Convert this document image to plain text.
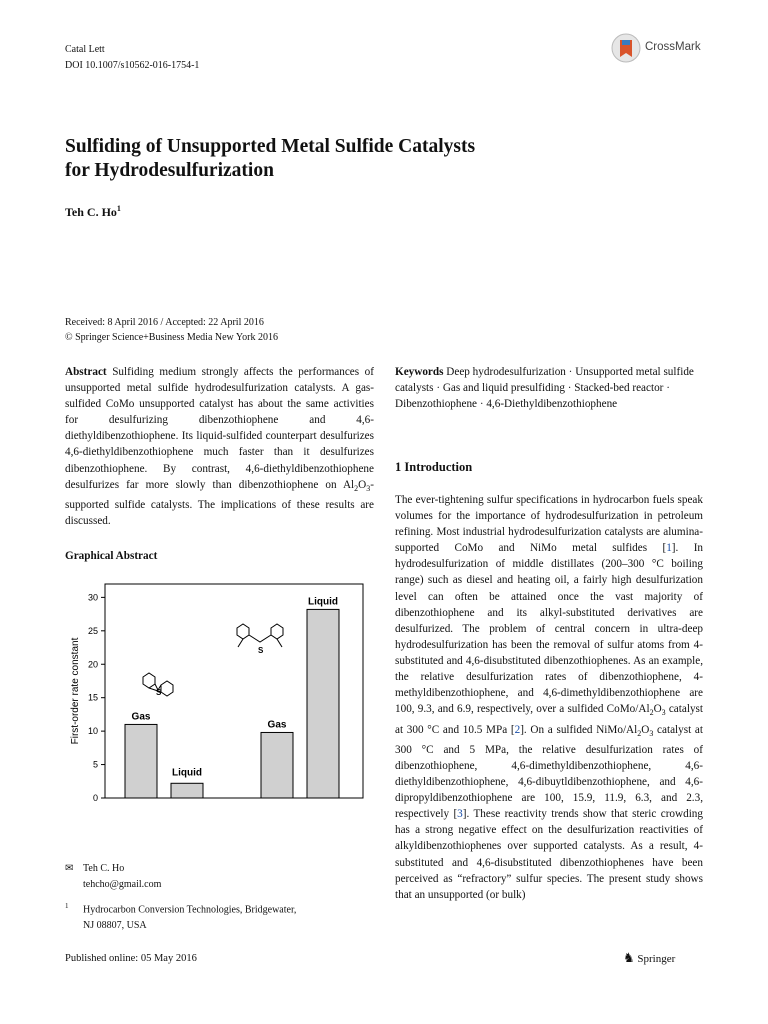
Catal Lett
DOI 10.1007/s10562-016-1754-1
CrossMark
Sulfiding of Unsupported Metal Sulfide Catalysts
for Hydrodesulfurization
Teh C. Ho$^1$
Received: 8 April 2016 / Accepted: 22 April 2016
© Springer Science+Business Media New York 2016
Abstract Sulfiding medium strongly affects the performances of unsupported metal sulfide hydrodesulfurization catalysts. A gas-sulfided CoMo unsupported catalyst has about the same activities for desulfurizing dibenzothiophene and 4,6-diethyldibenzothiophene. Its liquid-sulfided counterpart desulfurizes 4,6-diethyldibenzothiophene much faster than it desulfurizes dibenzothiophene. By contrast, 4,6-diethyldibenzothiophene desulfurizes far more slowly than dibenzothiophene on $Al_2O_3$-supported sulfide catalysts. The implications of these results are discussed.
Graphical Abstract
0
5
10
15
20
25
30
Gas
Liquid
Gas
Liquid
First-order rate constant	S
S
Keywords Deep hydrodesulfurization · Unsupported metal sulfide catalysts · Gas and liquid presulfiding · Stacked-bed reactor · Dibenzothiophene · 4,6-Diethyldibenzothiophene
1 Introduction
The ever-tightening sulfur specifications in hydrocarbon fuels speak volumes for the importance of hydrodesulfurization in petroleum refining. Most industrial hydrodesulfurization catalysts are alumina-supported CoMo and NiMo metal sulfides [1]. In hydrodesulfurization of middle distillates (200–300 °C boiling range) such as diesel and heating oil, a fairly high desulfurization level can often be attained once the vast majority of dibenzothiophene and its alkyl-substituted derivatives are desulfurized. The problem of central concern in ultra-deep hydrodesulfurization has been the removal of sulfur atoms from 4-substituted and 4,6-disubstituted dibenzothiophenes. As an example, the relative desulfurization rates of dibenzothiophene, 4-methyldibenzothiophene, and 4,6-dimethyldibenzothiophene are 100, 9.3, and 6.9, respectively, over a sulfided CoMo/$Al_2O_3$ catalyst at 300 °C and 10.5 MPa [2]. On a sulfided NiMo/$Al_2O_3$ catalyst at 300 °C and 5 MPa, the relative desulfurization rates of dibenzothiophene, 4,6-dimethyldibenzothiophene, 4,6-diethyldibenzothiophene, 4,6-dibuytldibenzothiophene, and 4,6-dipropyldibenzothiophene are 100, 15.9, 11.9, 6.3, and 2.3, respectively [3]. These reactivity trends show that steric crowding has a strong negative effect on the desulfurization reactivities of alkyldibenzothiophenes over supported catalysts. As a result, 4-substituted and 4,6-disubstituted dibenzothiophenes have been perceived as “refractory” sulfur species. The present study shows that an unsupported (or bulk)
✉ Teh C. Ho
tehcho@gmail.com
$^1$ Hydrocarbon Conversion Technologies, Bridgewater,
NJ 08807, USA
Published online: 05 May 2016	♞ Springer
